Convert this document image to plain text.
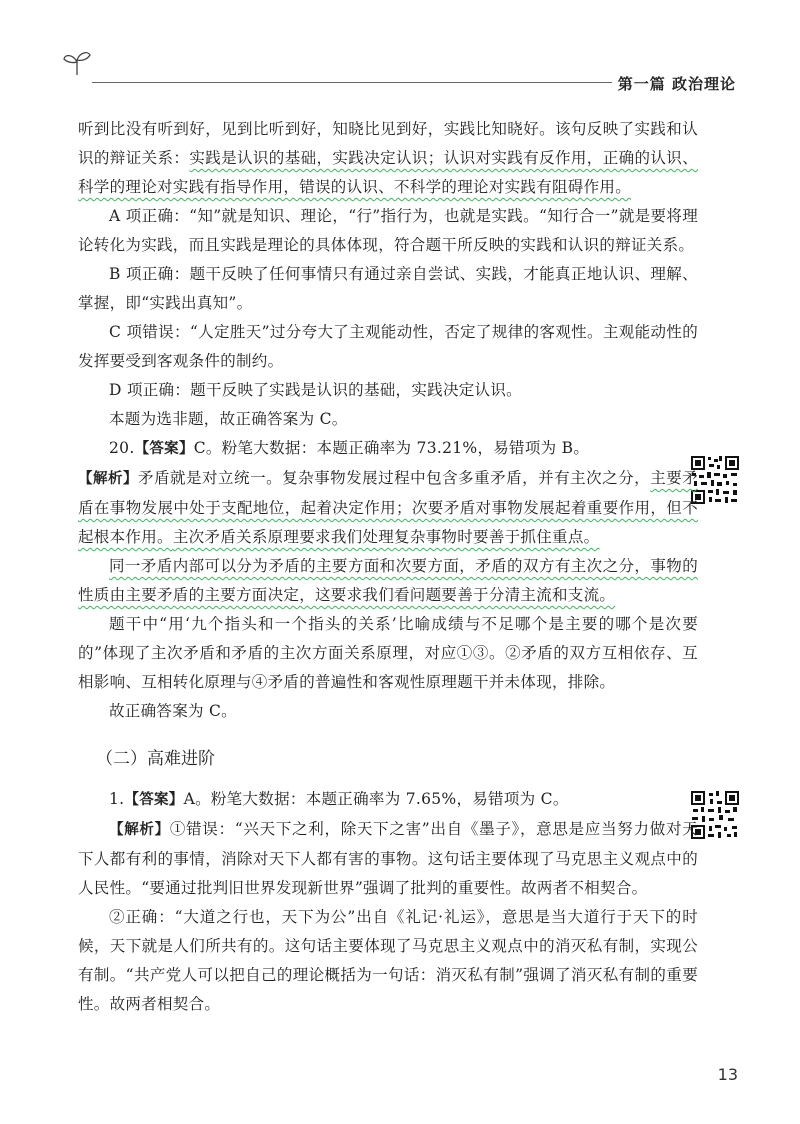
第一篇 政治理论

听到比没有听到好，见到比听到好，知晓比见到好，实践比知晓好。该句反映了实践和认识的辩证关系：实践是认识的基础，实践决定认识；认识对实践有反作用，正确的认识、科学的理论对实践有指导作用，错误的认识、不科学的理论对实践有阻碍作用。

A 项正确：“知”就是知识、理论，“行”指行为，也就是实践。“知行合一”就是要将理论转化为实践，而且实践是理论的具体体现，符合题干所反映的实践和认识的辩证关系。

B 项正确：题干反映了任何事情只有通过亲自尝试、实践，才能真正地认识、理解、掌握，即“实践出真知”。

C 项错误：“人定胜天”过分夸大了主观能动性，否定了规律的客观性。主观能动性的发挥要受到客观条件的制约。

D 项正确：题干反映了实践是认识的基础，实践决定认识。

本题为选非题，故正确答案为 C。

20.【答案】C。粉笔大数据：本题正确率为 73.21%，易错项为 B。

【解析】矛盾就是对立统一。复杂事物发展过程中包含多重矛盾，并有主次之分，主要矛盾在事物发展中处于支配地位，起着决定作用；次要矛盾对事物发展起着重要作用，但不起根本作用。主次矛盾关系原理要求我们处理复杂事物时要善于抓住重点。

同一矛盾内部可以分为矛盾的主要方面和次要方面，矛盾的双方有主次之分，事物的性质由主要矛盾的主要方面决定，这要求我们看问题要善于分清主流和支流。

题干中“用‘九个指头和一个指头的关系’比喻成绩与不足哪个是主要的哪个是次要的”体现了主次矛盾和矛盾的主次方面关系原理，对应①③。②矛盾的双方互相依存、互相影响、互相转化原理与④矛盾的普遍性和客观性原理题干并未体现，排除。

故正确答案为 C。

（二）高难进阶

1.【答案】A。粉笔大数据：本题正确率为 7.65%，易错项为 C。

【解析】①错误：“兴天下之利，除天下之害”出自《墨子》，意思是应当努力做对天下人都有利的事情，消除对天下人都有害的事物。这句话主要体现了马克思主义观点中的人民性。“要通过批判旧世界发现新世界”强调了批判的重要性。故两者不相契合。

②正确：“大道之行也，天下为公”出自《礼记·礼运》，意思是当大道行于天下的时候，天下就是人们所共有的。这句话主要体现了马克思主义观点中的消灭私有制，实现公有制。“共产党人可以把自己的理论概括为一句话：消灭私有制”强调了消灭私有制的重要性。故两者相契合。

13
